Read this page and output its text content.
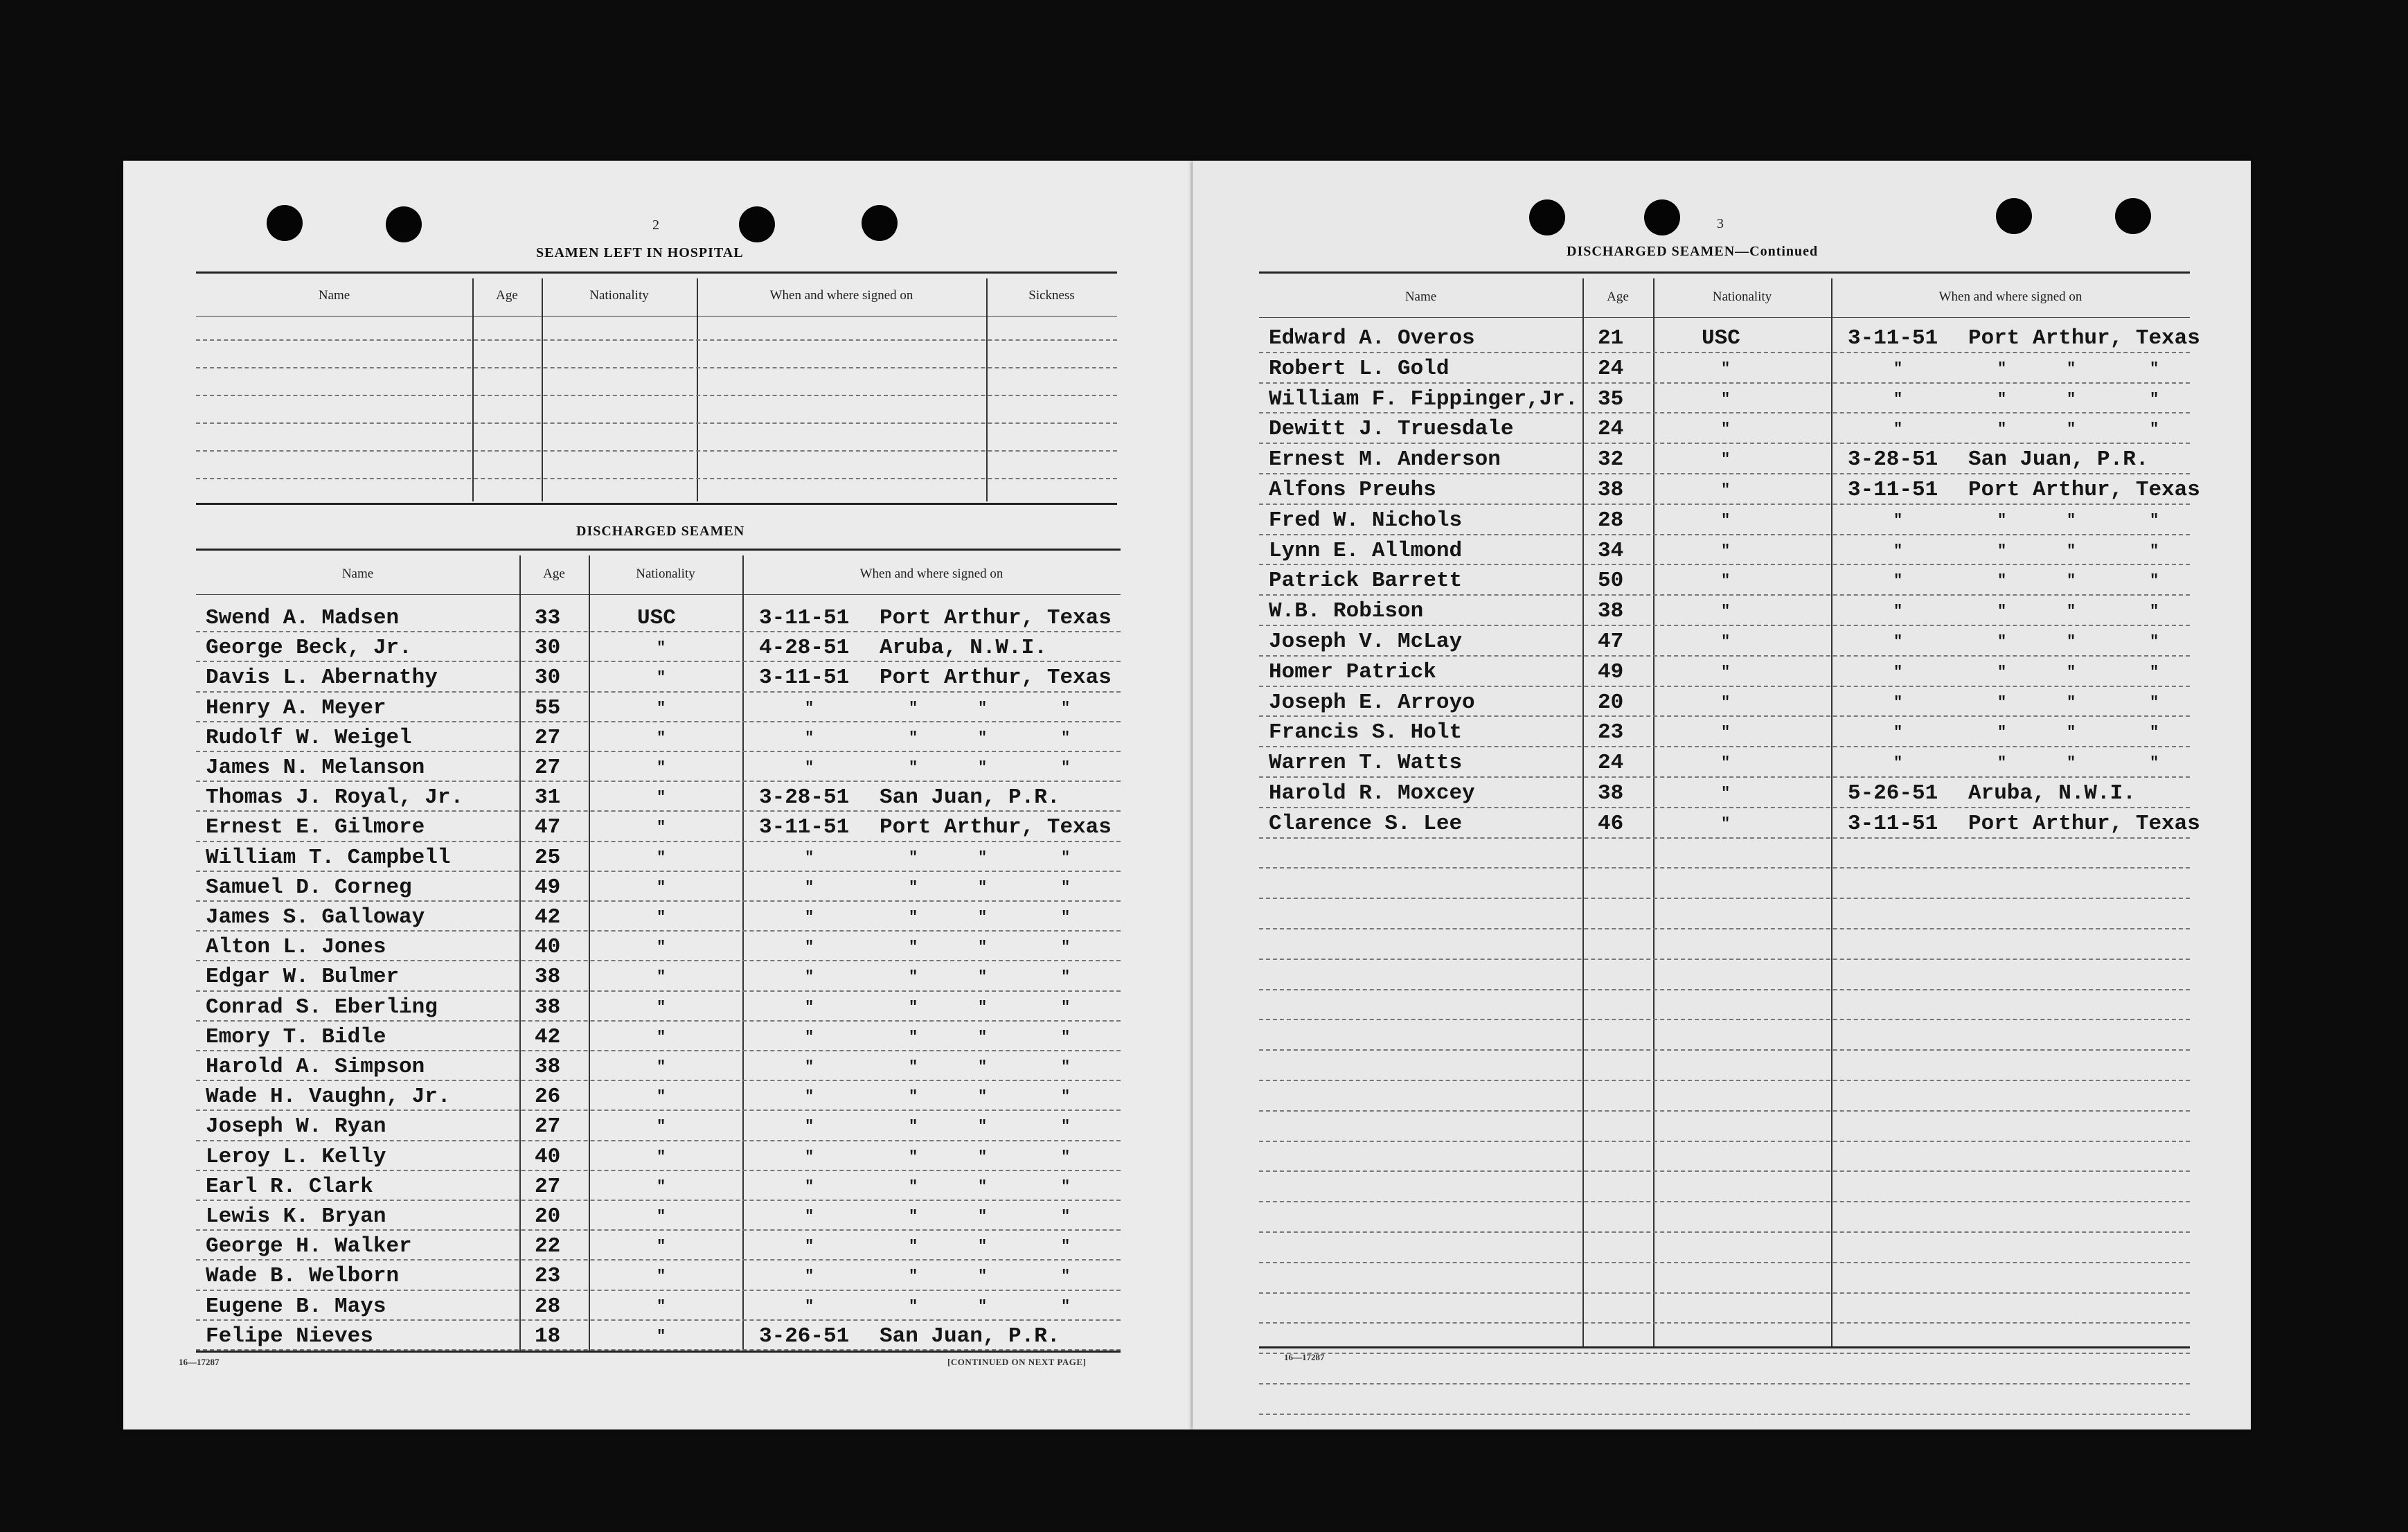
2
SEAMEN LEFT IN HOSPITAL
DISCHARGED SEAMEN
16—17287	[CONTINUED ON NEXT PAGE]
Name	Age	Nationality	When and where signed on	Sickness
Name	Age	Nationality	When and where signed on
Swend A. Madsen	33	USC	3-11-51 Port Arthur, Texas
George Beck, Jr.	30	"	4-28-51 Aruba, N.W.I.
Davis L. Abernathy	30	"	3-11-51 Port Arthur, Texas
Henry A. Meyer	55	"	"	"	"	"
Rudolf W. Weigel	27	"	"	"	"	"
James N. Melanson	27	"	"	"	"	"
Thomas J. Royal, Jr.	31	"	3-28-51 San Juan, P.R.
Ernest E. Gilmore	47	"	3-11-51 Port Arthur, Texas
William T. Campbell	25	"	"	"	"	"
Samuel D. Corneg	49	"	"	"	"	"
James S. Galloway	42	"	"	"	"	"
Alton L. Jones	40	"	"	"	"	"
Edgar W. Bulmer	38	"	"	"	"	"
Conrad S. Eberling	38	"	"	"	"	"
Emory T. Bidle	42	"	"	"	"	"
Harold A. Simpson	38	"	"	"	"	"
Wade H. Vaughn, Jr.	26	"	"	"	"	"
Joseph W. Ryan	27	"	"	"	"	"
Leroy L. Kelly	40	"	"	"	"	"
Earl R. Clark	27	"	"	"	"	"
Lewis K. Bryan	20	"	"	"	"	"
George H. Walker	22	"	"	"	"	"
Wade B. Welborn	23	"	"	"	"	"
Eugene B. Mays	28	"	"	"	"	"
Felipe Nieves	18	"	3-26-51 San Juan, P.R.
3
DISCHARGED SEAMEN—Continued
16—17287
Name	Age	Nationality	When and where signed on
Edward A. Overos	21	USC	3-11-51 Port Arthur, Texas
Robert L. Gold	24	"	"	"	"	"
William F. Fippinger,Jr. 35	"	"	"	"	"
Dewitt J. Truesdale	24	"	"	"	"	"
Ernest M. Anderson	32	"	3-28-51 San Juan, P.R.
Alfons Preuhs	38	"	3-11-51 Port Arthur, Texas
Fred W. Nichols	28	"	"	"	"	"
Lynn E. Allmond	34	"	"	"	"	"
Patrick Barrett	50	"	"	"	"	"
W.B. Robison	38	"	"	"	"	"
Joseph V. McLay	47	"	"	"	"	"
Homer Patrick	49	"	"	"	"	"
Joseph E. Arroyo	20	"	"	"	"	"
Francis S. Holt	23	"	"	"	"	"
Warren T. Watts	24	"	"	"	"	"
Harold R. Moxcey	38	"	5-26-51 Aruba, N.W.I.
Clarence S. Lee	46	"	3-11-51 Port Arthur, Texas
